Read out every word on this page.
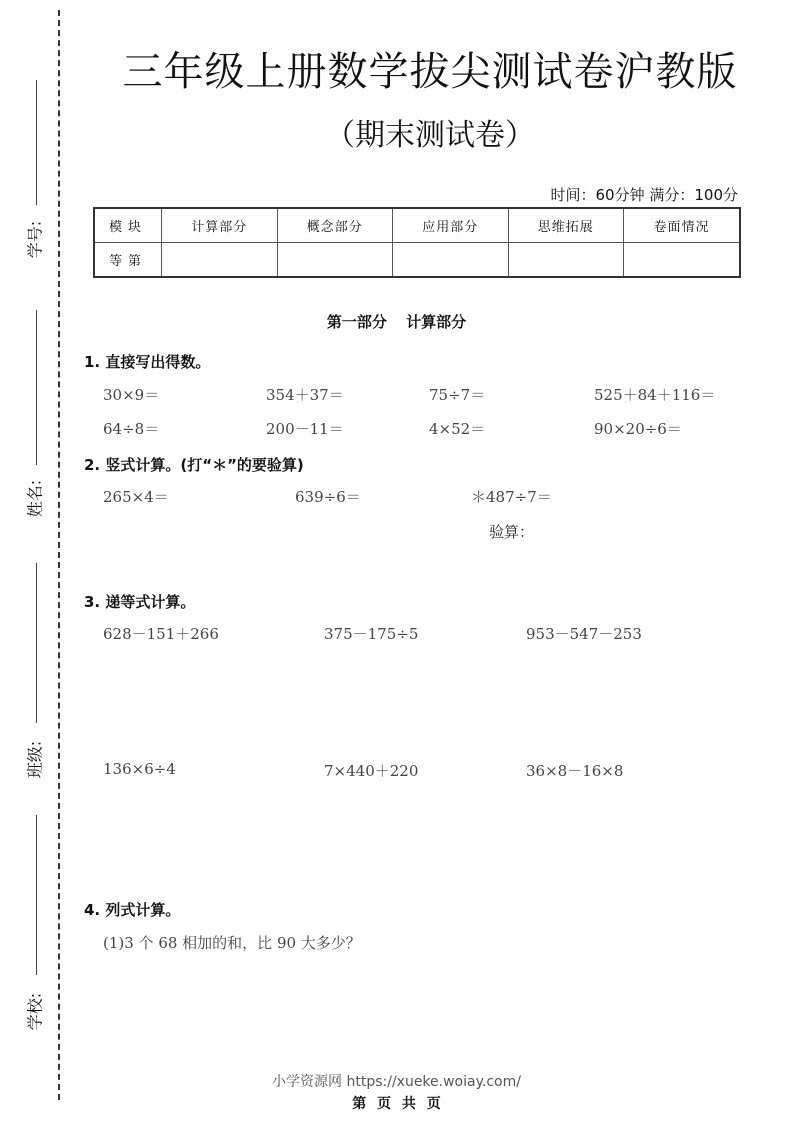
学号:
姓名:
班级:
学校:
三年级上册数学拔尖测试卷沪教版
（期末测试卷）
时间：60分钟 满分：100分
模块	计算部分	概念部分	应用部分	思维拓展	卷面情况
等第					
第一部分 计算部分
1. 直接写出得数。
30×9＝	354＋37＝	75÷7＝	525＋84＋116＝
64÷8＝	200－11＝	4×52＝	90×20÷6＝
2. 竖式计算。(打“＊”的要验算)
265×4＝	639÷6＝	＊487÷7＝
验算：
3. 递等式计算。
628－151＋266	375－175÷5	953－547－253
136×6÷4	7×440＋220	36×8－16×8
4. 列式计算。
(1)3 个 68 相加的和，比 90 大多少？
小学资源网 https://xueke.woiay.com/
第 页 共 页
